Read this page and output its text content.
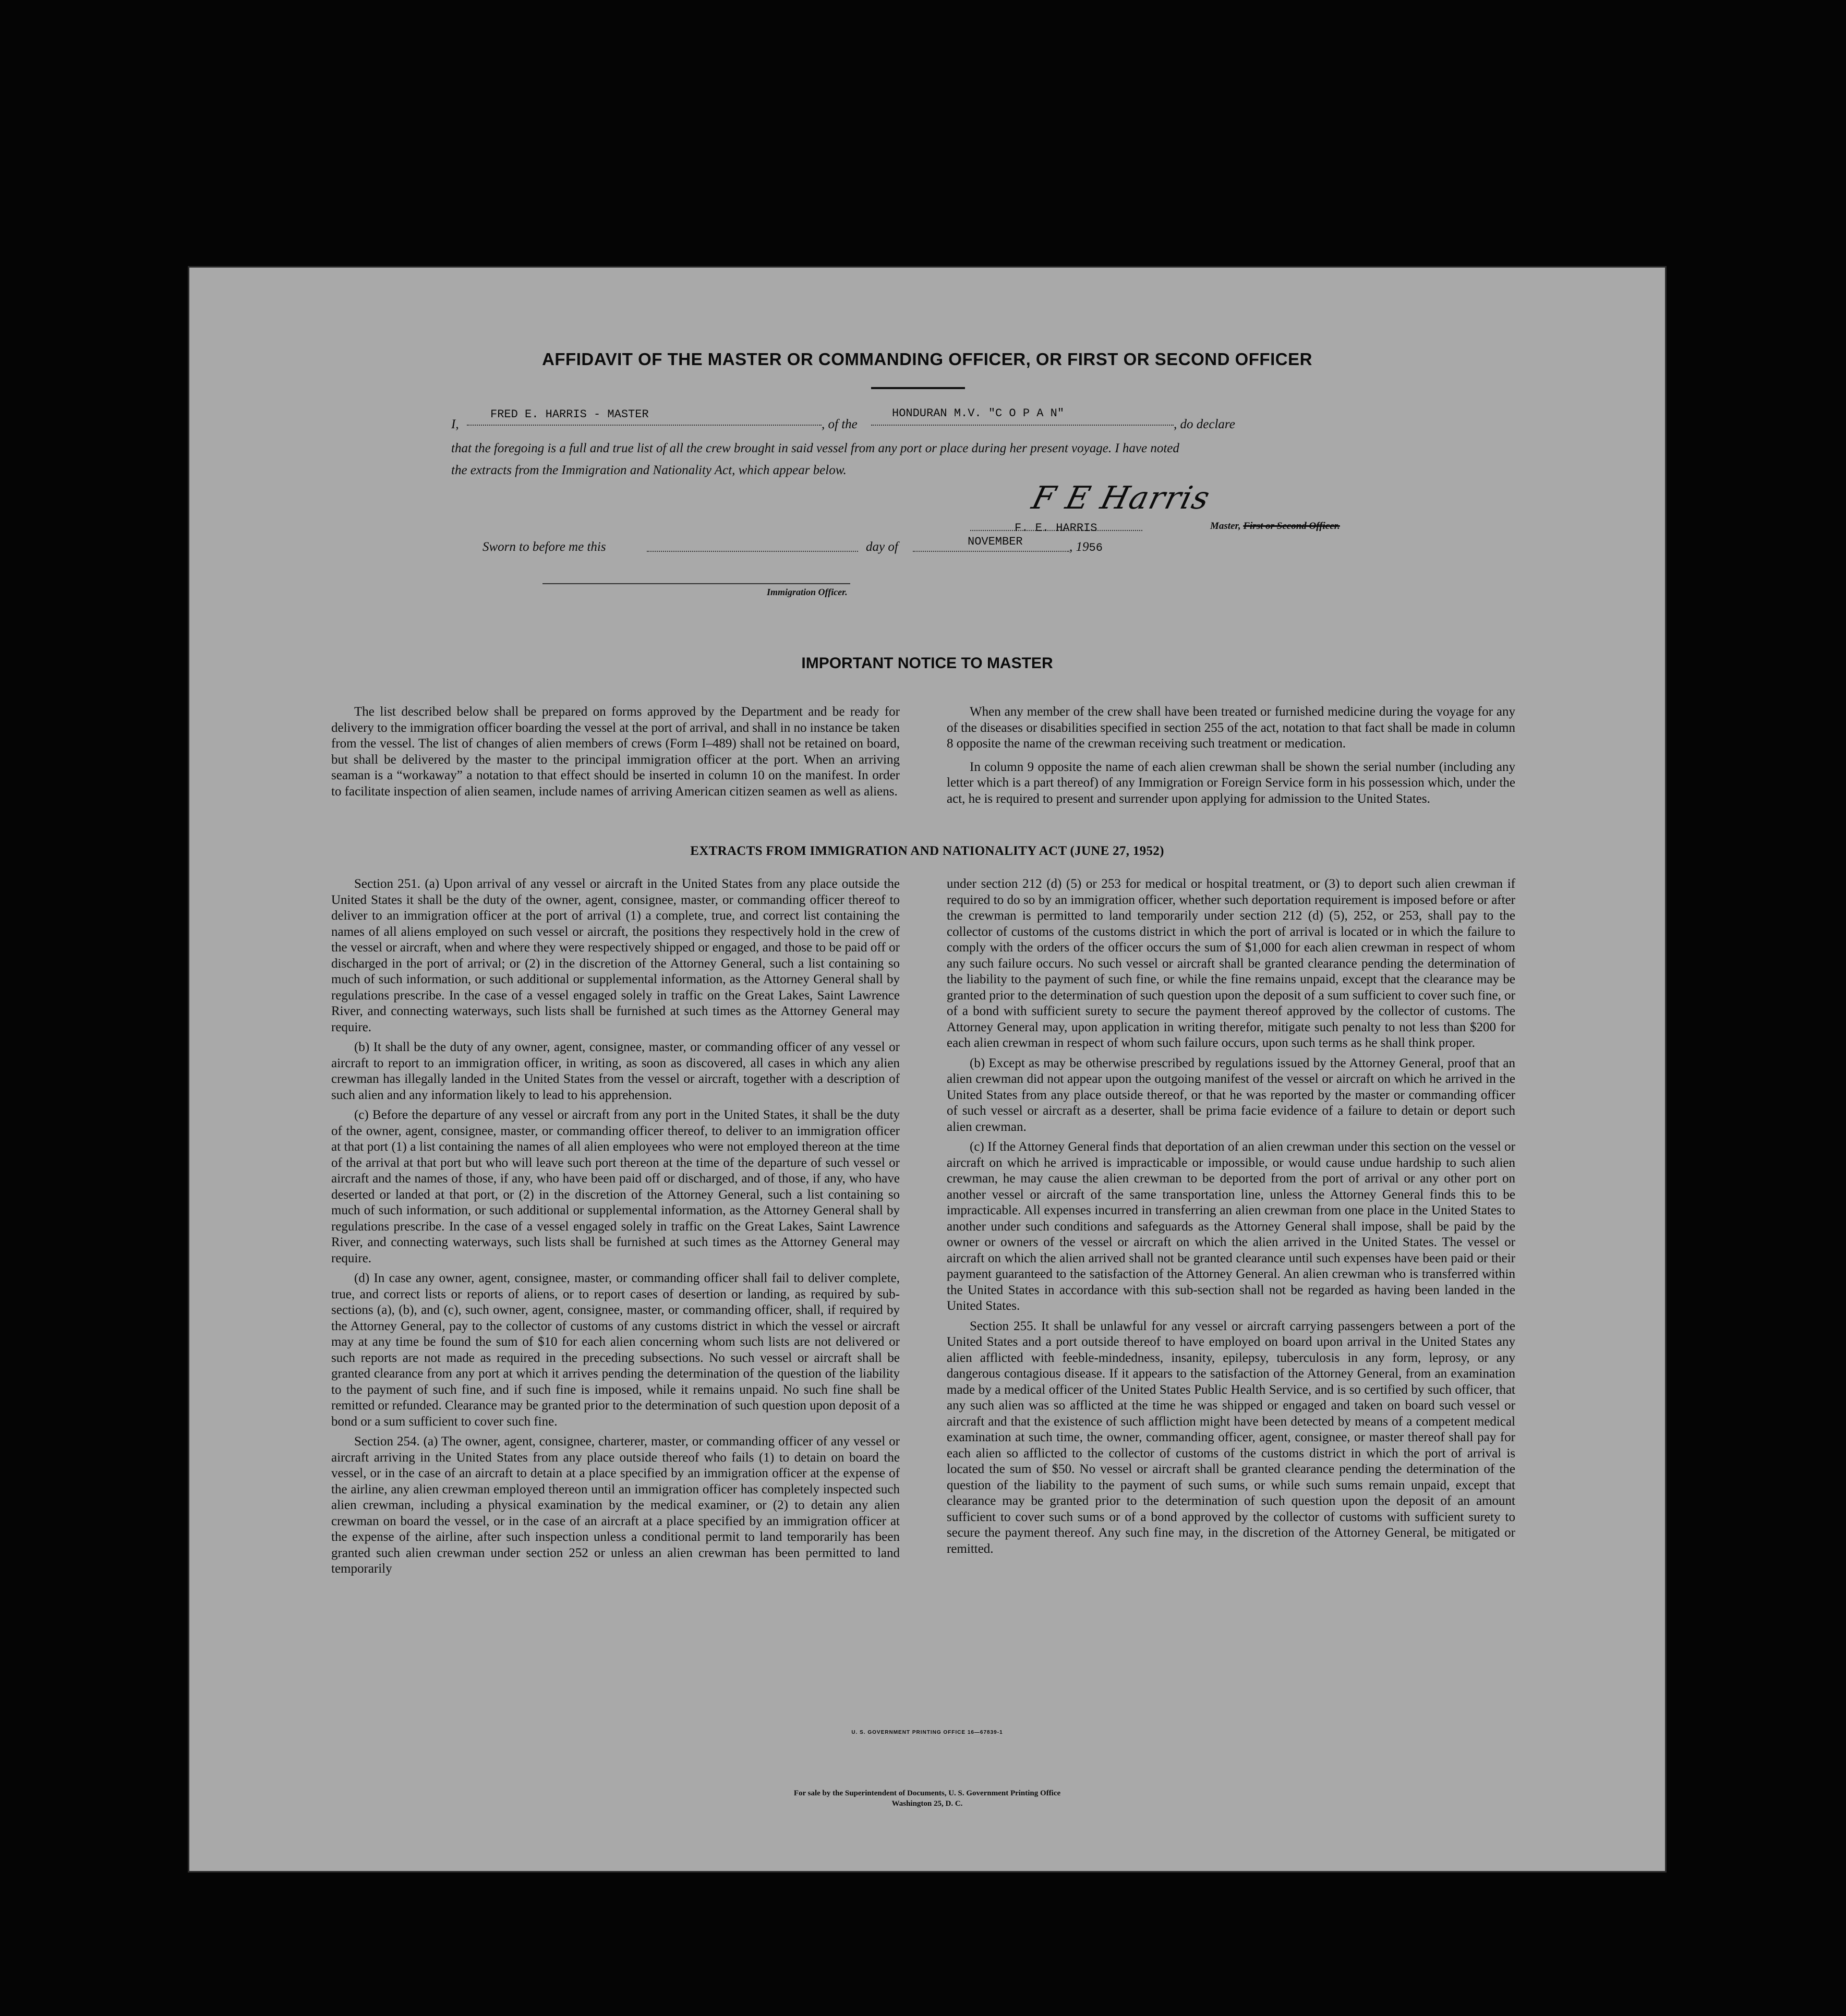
AFFIDAVIT OF THE MASTER OR COMMANDING OFFICER, OR FIRST OR SECOND OFFICER
I,
FRED E. HARRIS - MASTER
, of the
HONDURAN M.V. "C O P A N"
, do declare
that the foregoing is a full and true list of all the crew brought in said vessel from any port or place during her present voyage. I have noted
the extracts from the Immigration and Nationality Act, which appear below.
F E Harris
F. E. HARRIS	Master, First or Second Officer.
Sworn to before me this	day of	NOVEMBER	, 1956
Immigration Officer.
IMPORTANT NOTICE TO MASTER

The list described below shall be prepared on forms approved by the Department and be ready for delivery to the immigration officer boarding the vessel at the port of arrival, and shall in no instance be taken from the vessel. The list of changes of alien members of crews (Form I–489) shall not be retained on board, but shall be delivered by the master to the principal immigration officer at the port. When an arriving seaman is a “workaway” a notation to that effect should be inserted in column 10 on the manifest. In order to facilitate inspection of alien seamen, include names of arriving American citizen seamen as well as aliens.

When any member of the crew shall have been treated or furnished medicine during the voyage for any of the diseases or disabilities specified in section 255 of the act, notation to that fact shall be made in column 8 opposite the name of the crewman receiving such treatment or medication.

In column 9 opposite the name of each alien crewman shall be shown the serial number (including any letter which is a part thereof) of any Immigration or Foreign Service form in his possession which, under the act, he is required to present and surrender upon applying for admission to the United States.

EXTRACTS FROM IMMIGRATION AND NATIONALITY ACT (JUNE 27, 1952)

Section 251. (a) Upon arrival of any vessel or aircraft in the United States from any place outside the United States it shall be the duty of the owner, agent, consignee, master, or commanding officer thereof to deliver to an immigration officer at the port of arrival (1) a complete, true, and correct list containing the names of all aliens employed on such vessel or aircraft, the positions they respectively hold in the crew of the vessel or aircraft, when and where they were respectively shipped or engaged, and those to be paid off or discharged in the port of arrival; or (2) in the discretion of the Attorney General, such a list containing so much of such information, or such additional or supplemental information, as the Attorney General shall by regulations prescribe. In the case of a vessel engaged solely in traffic on the Great Lakes, Saint Lawrence River, and connecting waterways, such lists shall be furnished at such times as the Attorney General may require.

(b) It shall be the duty of any owner, agent, consignee, master, or commanding officer of any vessel or aircraft to report to an immigration officer, in writing, as soon as discovered, all cases in which any alien crewman has illegally landed in the United States from the vessel or aircraft, together with a description of such alien and any information likely to lead to his apprehension.

(c) Before the departure of any vessel or aircraft from any port in the United States, it shall be the duty of the owner, agent, consignee, master, or commanding officer thereof, to deliver to an immigration officer at that port (1) a list containing the names of all alien employees who were not employed thereon at the time of the arrival at that port but who will leave such port thereon at the time of the departure of such vessel or aircraft and the names of those, if any, who have been paid off or discharged, and of those, if any, who have deserted or landed at that port, or (2) in the discretion of the Attorney General, such a list containing so much of such information, or such additional or supplemental information, as the Attorney General shall by regulations prescribe. In the case of a vessel engaged solely in traffic on the Great Lakes, Saint Lawrence River, and connecting waterways, such lists shall be furnished at such times as the Attorney General may require.

(d) In case any owner, agent, consignee, master, or commanding officer shall fail to deliver complete, true, and correct lists or reports of aliens, or to report cases of desertion or landing, as required by sub-sections (a), (b), and (c), such owner, agent, consignee, master, or commanding officer, shall, if required by the Attorney General, pay to the collector of customs of any customs district in which the vessel or aircraft may at any time be found the sum of $10 for each alien concerning whom such lists are not delivered or such reports are not made as required in the preceding subsections. No such vessel or aircraft shall be granted clearance from any port at which it arrives pending the determination of the question of the liability to the payment of such fine, and if such fine is imposed, while it remains unpaid. No such fine shall be remitted or refunded. Clearance may be granted prior to the determination of such question upon deposit of a bond or a sum sufficient to cover such fine.

Section 254. (a) The owner, agent, consignee, charterer, master, or commanding officer of any vessel or aircraft arriving in the United States from any place outside thereof who fails (1) to detain on board the vessel, or in the case of an aircraft to detain at a place specified by an immigration officer at the expense of the airline, any alien crewman employed thereon until an immigration officer has completely inspected such alien crewman, including a physical examination by the medical examiner, or (2) to detain any alien crewman on board the vessel, or in the case of an aircraft at a place specified by an immigration officer at the expense of the airline, after such inspection unless a conditional permit to land temporarily has been granted such alien crewman under section 252 or unless an alien crewman has been permitted to land temporarily

under section 212 (d) (5) or 253 for medical or hospital treatment, or (3) to deport such alien crewman if required to do so by an immigration officer, whether such deportation requirement is imposed before or after the crewman is permitted to land temporarily under section 212 (d) (5), 252, or 253, shall pay to the collector of customs of the customs district in which the port of arrival is located or in which the failure to comply with the orders of the officer occurs the sum of $1,000 for each alien crewman in respect of whom any such failure occurs. No such vessel or aircraft shall be granted clearance pending the determination of the liability to the payment of such fine, or while the fine remains unpaid, except that the clearance may be granted prior to the determination of such question upon the deposit of a sum sufficient to cover such fine, or of a bond with sufficient surety to secure the payment thereof approved by the collector of customs. The Attorney General may, upon application in writing therefor, mitigate such penalty to not less than $200 for each alien crewman in respect of whom such failure occurs, upon such terms as he shall think proper.

(b) Except as may be otherwise prescribed by regulations issued by the Attorney General, proof that an alien crewman did not appear upon the outgoing manifest of the vessel or aircraft on which he arrived in the United States from any place outside thereof, or that he was reported by the master or commanding officer of such vessel or aircraft as a deserter, shall be prima facie evidence of a failure to detain or deport such alien crewman.

(c) If the Attorney General finds that deportation of an alien crewman under this section on the vessel or aircraft on which he arrived is impracticable or impossible, or would cause undue hardship to such alien crewman, he may cause the alien crewman to be deported from the port of arrival or any other port on another vessel or aircraft of the same transportation line, unless the Attorney General finds this to be impracticable. All expenses incurred in transferring an alien crewman from one place in the United States to another under such conditions and safeguards as the Attorney General shall impose, shall be paid by the owner or owners of the vessel or aircraft on which the alien arrived in the United States. The vessel or aircraft on which the alien arrived shall not be granted clearance until such expenses have been paid or their payment guaranteed to the satisfaction of the Attorney General. An alien crewman who is transferred within the United States in accordance with this sub-section shall not be regarded as having been landed in the United States.

Section 255. It shall be unlawful for any vessel or aircraft carrying passengers between a port of the United States and a port outside thereof to have employed on board upon arrival in the United States any alien afflicted with feeble-mindedness, insanity, epilepsy, tuberculosis in any form, leprosy, or any dangerous contagious disease. If it appears to the satisfaction of the Attorney General, from an examination made by a medical officer of the United States Public Health Service, and is so certified by such officer, that any such alien was so afflicted at the time he was shipped or engaged and taken on board such vessel or aircraft and that the existence of such affliction might have been detected by means of a competent medical examination at such time, the owner, commanding officer, agent, consignee, or master thereof shall pay for each alien so afflicted to the collector of customs of the customs district in which the port of arrival is located the sum of $50. No vessel or aircraft shall be granted clearance pending the determination of the question of the liability to the payment of such sums, or while such sums remain unpaid, except that clearance may be granted prior to the determination of such question upon the deposit of an amount sufficient to cover such sums or of a bond approved by the collector of customs with sufficient surety to secure the payment thereof. Any such fine may, in the discretion of the Attorney General, be mitigated or remitted.

U. S. GOVERNMENT PRINTING OFFICE 16—67839-1
For sale by the Superintendent of Documents, U. S. Government Printing Office
Washington 25, D. C.
